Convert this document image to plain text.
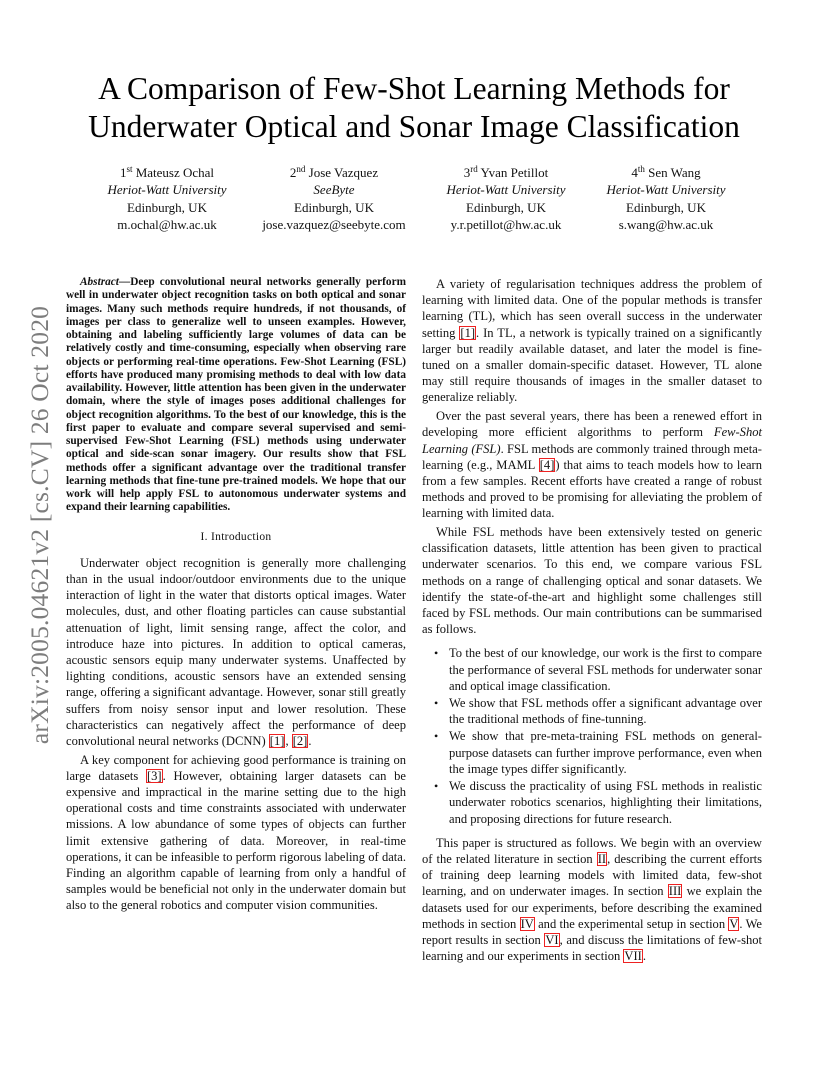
arXiv:2005.04621v2 [cs.CV] 26 Oct 2020
A Comparison of Few-Shot Learning Methods for
Underwater Optical and Sonar Image Classification
1st Mateusz Ochal
Heriot-Watt University
Edinburgh, UK
m.ochal@hw.ac.uk
2nd Jose Vazquez
SeeByte
Edinburgh, UK
jose.vazquez@seebyte.com
3rd Yvan Petillot
Heriot-Watt University
Edinburgh, UK
y.r.petillot@hw.ac.uk
4th Sen Wang
Heriot-Watt University
Edinburgh, UK
s.wang@hw.ac.uk

Abstract—Deep convolutional neural networks generally perform well in underwater object recognition tasks on both optical and sonar images. Many such methods require hundreds, if not thousands, of images per class to generalize well to unseen examples. However, obtaining and labeling sufficiently large volumes of data can be relatively costly and time-consuming, especially when observing rare objects or performing real-time operations. Few-Shot Learning (FSL) efforts have produced many promising methods to deal with low data availability. However, little attention has been given in the underwater domain, where the style of images poses additional challenges for object recognition algorithms. To the best of our knowledge, this is the first paper to evaluate and compare several supervised and semi-supervised Few-Shot Learning (FSL) methods using underwater optical and side-scan sonar imagery. Our results show that FSL methods offer a significant advantage over the traditional transfer learning methods that fine-tune pre-trained models. We hope that our work will help apply FSL to autonomous underwater systems and expand their learning capabilities.

I. Introduction

Underwater object recognition is generally more challenging than in the usual indoor/outdoor environments due to the unique interaction of light in the water that distorts optical images. Water molecules, dust, and other floating particles can cause substantial attenuation of light, limit sensing range, affect the color, and introduce haze into pictures. In addition to optical cameras, acoustic sensors equip many underwater systems. Unaffected by lighting conditions, acoustic sensors have an extended sensing range, offering a significant advantage. However, sonar still greatly suffers from noisy sensor input and lower resolution. These characteristics can negatively affect the performance of deep convolutional neural networks (DCNN) [1], [2].

A key component for achieving good performance is training on large datasets [3]. However, obtaining larger datasets can be expensive and impractical in the marine setting due to the high operational costs and time constraints associated with underwater missions. A low abundance of some types of objects can further limit extensive gathering of data. Moreover, in real-time operations, it can be infeasible to perform rigorous labeling of data. Finding an algorithm capable of learning from only a handful of samples would be beneficial not only in the underwater domain but also to the general robotics and computer vision communities.

A variety of regularisation techniques address the problem of learning with limited data. One of the popular methods is transfer learning (TL), which has seen overall success in the underwater setting [1]. In TL, a network is typically trained on a significantly larger but readily available dataset, and later the model is fine-tuned on a smaller domain-specific dataset. However, TL alone may still require thousands of images in the smaller dataset to generalize reliably.

Over the past several years, there has been a renewed effort in developing more efficient algorithms to perform Few-Shot Learning (FSL). FSL methods are commonly trained through meta-learning (e.g., MAML [4]) that aims to teach models how to learn from a few samples. Recent efforts have created a range of robust methods and proved to be promising for alleviating the problem of learning with limited data.

While FSL methods have been extensively tested on generic classification datasets, little attention has been given to practical underwater scenarios. To this end, we compare various FSL methods on a range of challenging optical and sonar datasets. We identify the state-of-the-art and highlight some challenges still faced by FSL methods. Our main contributions can be summarised as follows.

• To the best of our knowledge, our work is the first to compare the performance of several FSL methods for underwater sonar and optical image classification.
• We show that FSL methods offer a significant advantage over the traditional methods of fine-tunning.
• We show that pre-meta-training FSL methods on general-purpose datasets can further improve performance, even when the image types differ significantly.
• We discuss the practicality of using FSL methods in realistic underwater robotics scenarios, highlighting their limitations, and proposing directions for future research.

This paper is structured as follows. We begin with an overview of the related literature in section II, describing the current efforts of training deep learning models with limited data, few-shot learning, and on underwater images. In section III we explain the datasets used for our experiments, before describing the examined methods in section IV and the experimental setup in section V. We report results in section VI, and discuss the limitations of few-shot learning and our experiments in section VII.
